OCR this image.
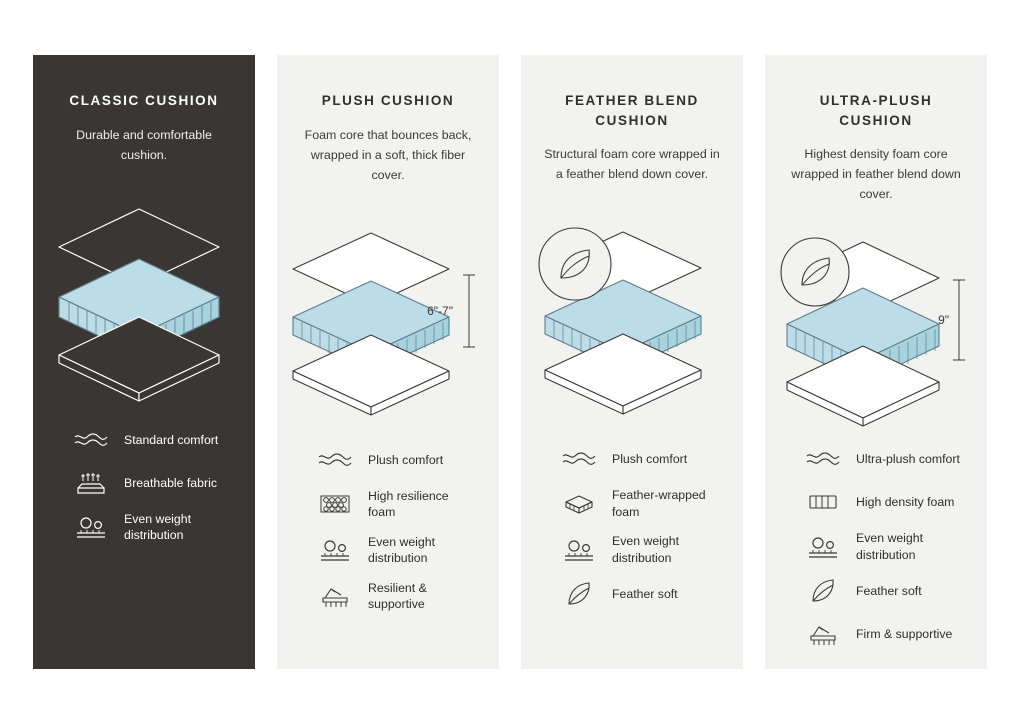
CLASSIC CUSHION

Durable and comfortable cushion.

Standard comfort
Breathable fabric
Even weight distribution
PLUSH CUSHION

Foam core that bounces back, wrapped in a soft, thick fiber cover.

6"-7"
Plush comfort
High resilience foam
Even weight distribution
Resilient & supportive
FEATHER BLEND CUSHION

Structural foam core wrapped in a feather blend down cover.

Plush comfort
Feather-wrapped foam
Even weight distribution
Feather soft
ULTRA-PLUSH CUSHION

Highest density foam core wrapped in feather blend down cover.

9"
Ultra-plush comfort
High density foam
Even weight distribution
Feather soft
Firm & supportive
